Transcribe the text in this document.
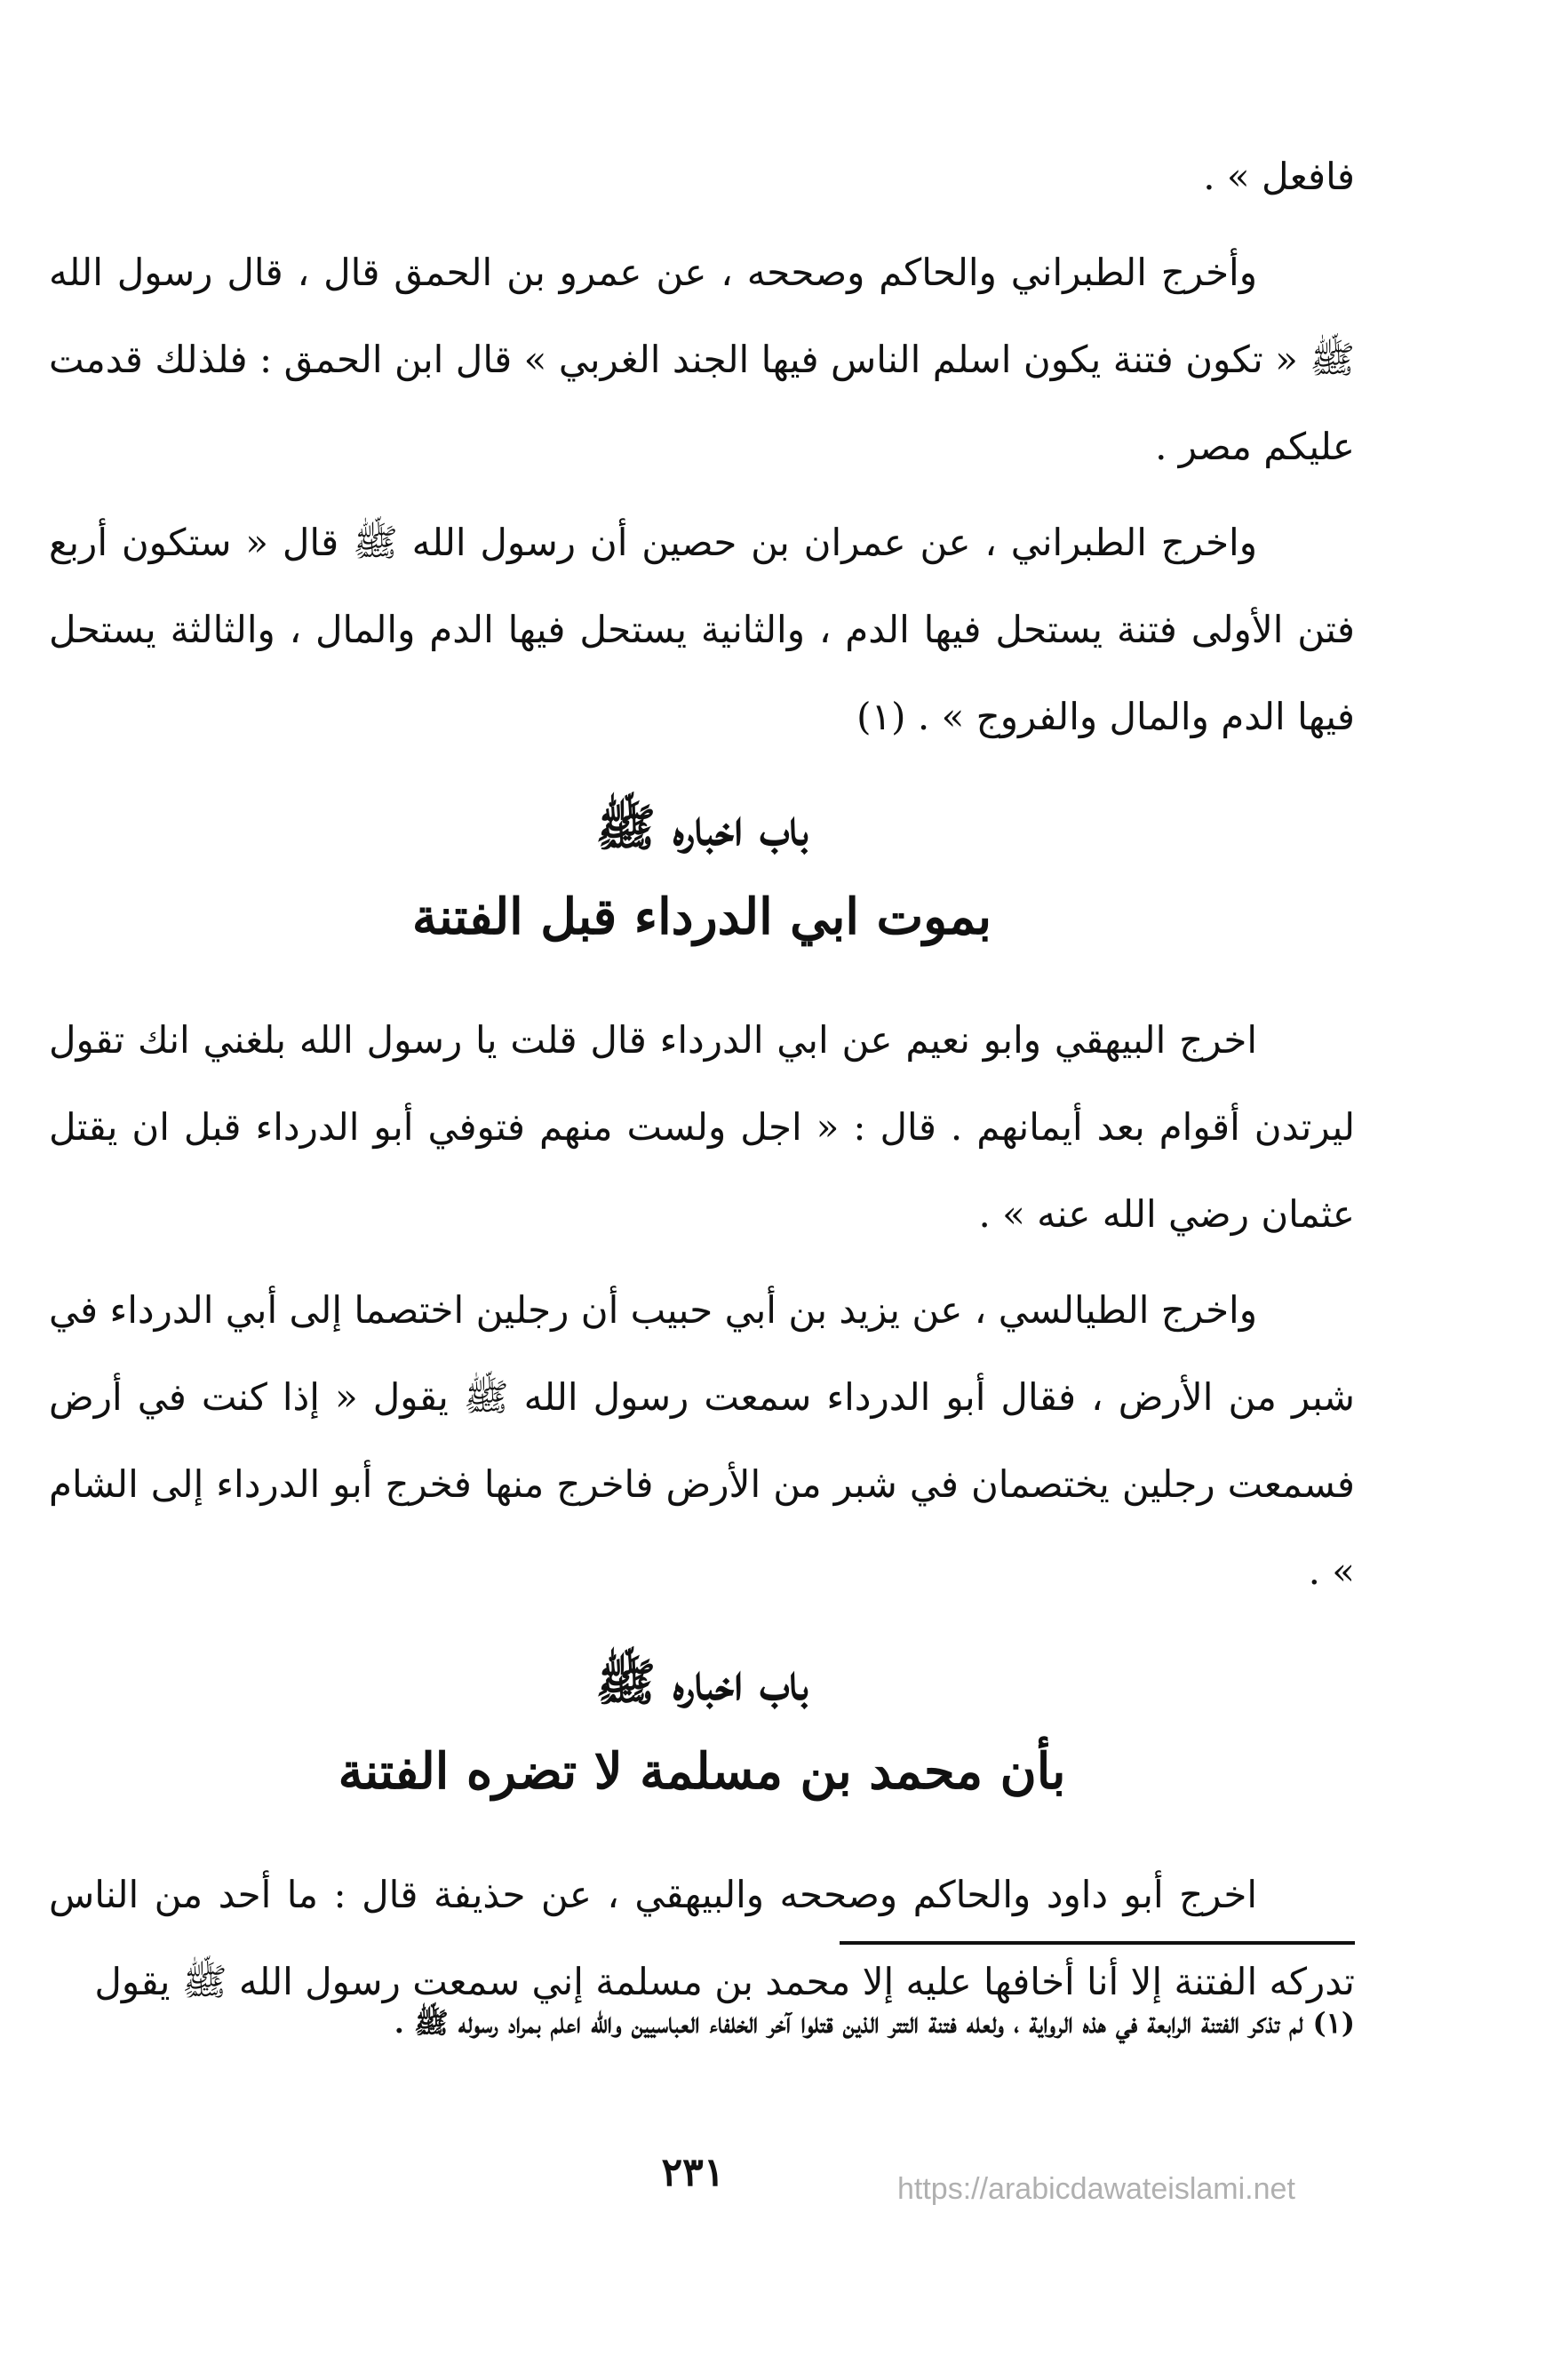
فافعل » .

وأخرج الطبراني والحاكم وصححه ، عن عمرو بن الحمق قال ، قال رسول الله ﷺ « تكون فتنة يكون اسلم الناس فيها الجند الغربي » قال ابن الحمق : فلذلك قدمت عليكم مصر .

واخرج الطبراني ، عن عمران بن حصين أن رسول الله ﷺ قال « ستكون أربع فتن الأولى فتنة يستحل فيها الدم ، والثانية يستحل فيها الدم والمال ، والثالثة يستحل فيها الدم والمال والفروج » . (١)

باب اخباره ﷺ

بموت ابي الدرداء قبل الفتنة

اخرج البيهقي وابو نعيم عن ابي الدرداء قال قلت يا رسول الله بلغني انك تقول ليرتدن أقوام بعد أيمانهم . قال : « اجل ولست منهم فتوفي أبو الدرداء قبل ان يقتل عثمان رضي الله عنه » .

واخرج الطيالسي ، عن يزيد بن أبي حبيب أن رجلين اختصما إلى أبي الدرداء في شبر من الأرض ، فقال أبو الدرداء سمعت رسول الله ﷺ يقول « إذا كنت في أرض فسمعت رجلين يختصمان في شبر من الأرض فاخرج منها فخرج أبو الدرداء إلى الشام » .

باب اخباره ﷺ

بأن محمد بن مسلمة لا تضره الفتنة

اخرج أبو داود والحاكم وصححه والبيهقي ، عن حذيفة قال : ما أحد من الناس تدركه الفتنة إلا أنا أخافها عليه إلا محمد بن مسلمة إني سمعت رسول الله ﷺ يقول

(١) لم تذكر الفتنة الرابعة في هذه الرواية ، ولعله فتنة التتر الذين قتلوا آخر الخلفاء العباسيين والله اعلم بمراد رسوله ﷺ .

٢٣١	https://arabicdawateislami.net
